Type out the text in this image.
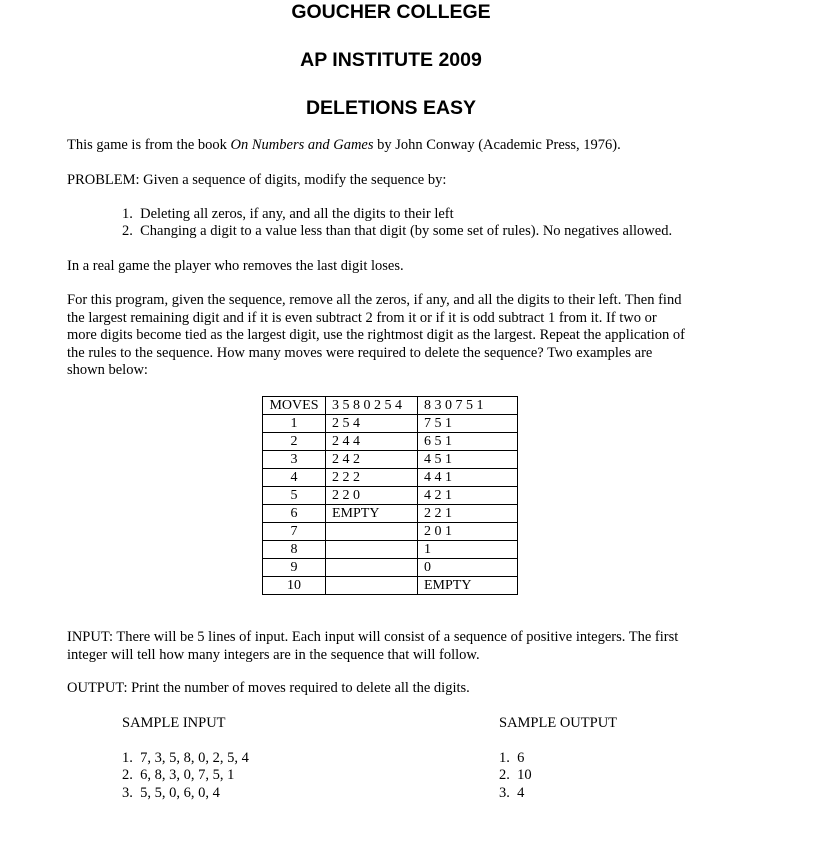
GOUCHER COLLEGE
AP INSTITUTE 2009
DELETIONS EASY
This game is from the book On Numbers and Games by John Conway (Academic Press, 1976).
PROBLEM: Given a sequence of digits, modify the sequence by:
1.  Deleting all zeros, if any, and all the digits to their left
2.  Changing a digit to a value less than that digit (by some set of rules). No negatives allowed.
In a real game the player who removes the last digit loses.
For this program, given the sequence, remove all the zeros, if any, and all the digits to their left. Then find
the largest remaining digit and if it is even subtract 2 from it or if it is odd subtract 1 from it. If two or
more digits become tied as the largest digit, use the rightmost digit as the largest. Repeat the application of
the rules to the sequence. How many moves were required to delete the sequence? Two examples are
shown below:
MOVES	3 5 8 0 2 5 4	8 3 0 7 5 1
1	2 5 4	7 5 1
2	2 4 4	6 5 1
3	2 4 2	4 5 1
4	2 2 2	4 4 1
5	2 2 0	4 2 1
6	EMPTY	2 2 1
7		2 0 1
8		1
9		0
10		EMPTY
INPUT: There will be 5 lines of input. Each input will consist of a sequence of positive integers. The first
integer will tell how many integers are in the sequence that will follow.
OUTPUT: Print the number of moves required to delete all the digits.
SAMPLE INPUT
1.  7, 3, 5, 8, 0, 2, 5, 4
2.  6, 8, 3, 0, 7, 5, 1
3.  5, 5, 0, 6, 0, 4
SAMPLE OUTPUT
1.  6
2.  10
3.  4
